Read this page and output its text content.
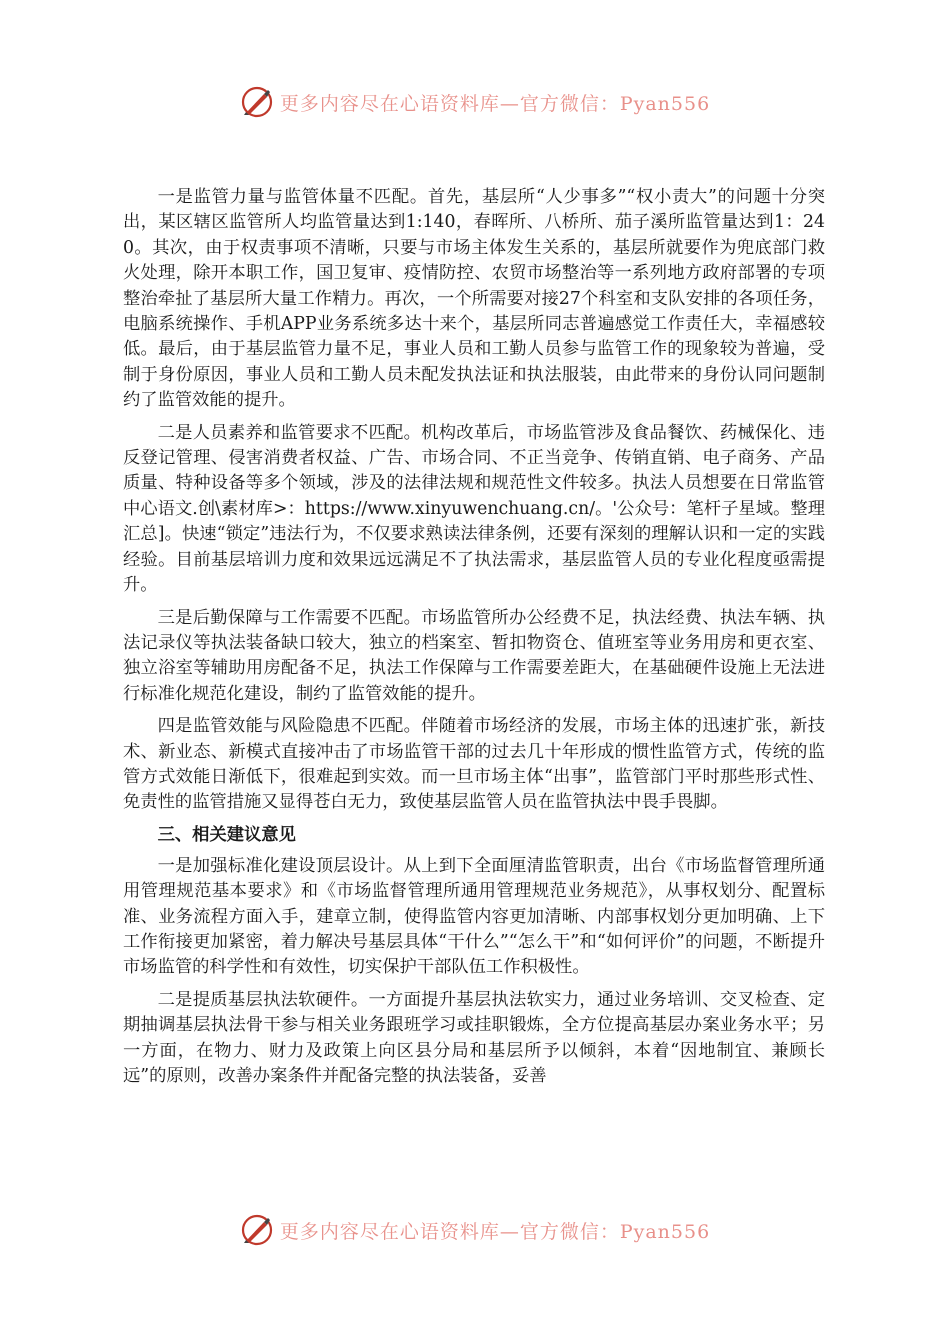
更多内容尽在心语资料库—官方微信：Pyan556

一是监管力量与监管体量不匹配。首先，基层所“人少事多”“权小责大”的问题十分突出，某区辖区监管所人均监管量达到1:140，春晖所、八桥所、茄子溪所监管量达到1：240。其次，由于权责事项不清晰，只要与市场主体发生关系的，基层所就要作为兜底部门救火处理，除开本职工作，国卫复审、疫情防控、农贸市场整治等一系列地方政府部署的专项整治牵扯了基层所大量工作精力。再次，一个所需要对接27个科室和支队安排的各项任务，电脑系统操作、手机APP业务系统多达十来个，基层所同志普遍感觉工作责任大，幸福感较低。最后，由于基层监管力量不足，事业人员和工勤人员参与监管工作的现象较为普遍，受制于身份原因，事业人员和工勤人员未配发执法证和执法服装，由此带来的身份认同问题制约了监管效能的提升。

二是人员素养和监管要求不匹配。机构改革后，市场监管涉及食品餐饮、药械保化、违反登记管理、侵害消费者权益、广告、市场合同、不正当竞争、传销直销、电子商务、产品质量、特种设备等多个领域，涉及的法律法规和规范性文件较多。执法人员想要在日常监管中心语文.创\素材库>：https://www.xinyuwenchuang.cn/。'公众号：笔杆子星域。整理汇总]。快速“锁定”违法行为，不仅要求熟读法律条例，还要有深刻的理解认识和一定的实践经验。目前基层培训力度和效果远远满足不了执法需求，基层监管人员的专业化程度亟需提升。

三是后勤保障与工作需要不匹配。市场监管所办公经费不足，执法经费、执法车辆、执法记录仪等执法装备缺口较大，独立的档案室、暂扣物资仓、值班室等业务用房和更衣室、独立浴室等辅助用房配备不足，执法工作保障与工作需要差距大，在基础硬件设施上无法进行标准化规范化建设，制约了监管效能的提升。

四是监管效能与风险隐患不匹配。伴随着市场经济的发展，市场主体的迅速扩张，新技术、新业态、新模式直接冲击了市场监管干部的过去几十年形成的惯性监管方式，传统的监管方式效能日渐低下，很难起到实效。而一旦市场主体“出事”，监管部门平时那些形式性、免责性的监管措施又显得苍白无力，致使基层监管人员在监管执法中畏手畏脚。

三、相关建议意见

一是加强标准化建设顶层设计。从上到下全面厘清监管职责，出台《市场监督管理所通用管理规范基本要求》和《市场监督管理所通用管理规范业务规范》，从事权划分、配置标准、业务流程方面入手，建章立制，使得监管内容更加清晰、内部事权划分更加明确、上下工作衔接更加紧密，着力解决号基层具体“干什么”“怎么干”和“如何评价”的问题，不断提升市场监管的科学性和有效性，切实保护干部队伍工作积极性。

二是提质基层执法软硬件。一方面提升基层执法软实力，通过业务培训、交叉检查、定期抽调基层执法骨干参与相关业务跟班学习或挂职锻炼，全方位提高基层办案业务水平；另一方面，在物力、财力及政策上向区县分局和基层所予以倾斜，本着“因地制宜、兼顾长远”的原则，改善办案条件并配备完整的执法装备，妥善

更多内容尽在心语资料库—官方微信：Pyan556
